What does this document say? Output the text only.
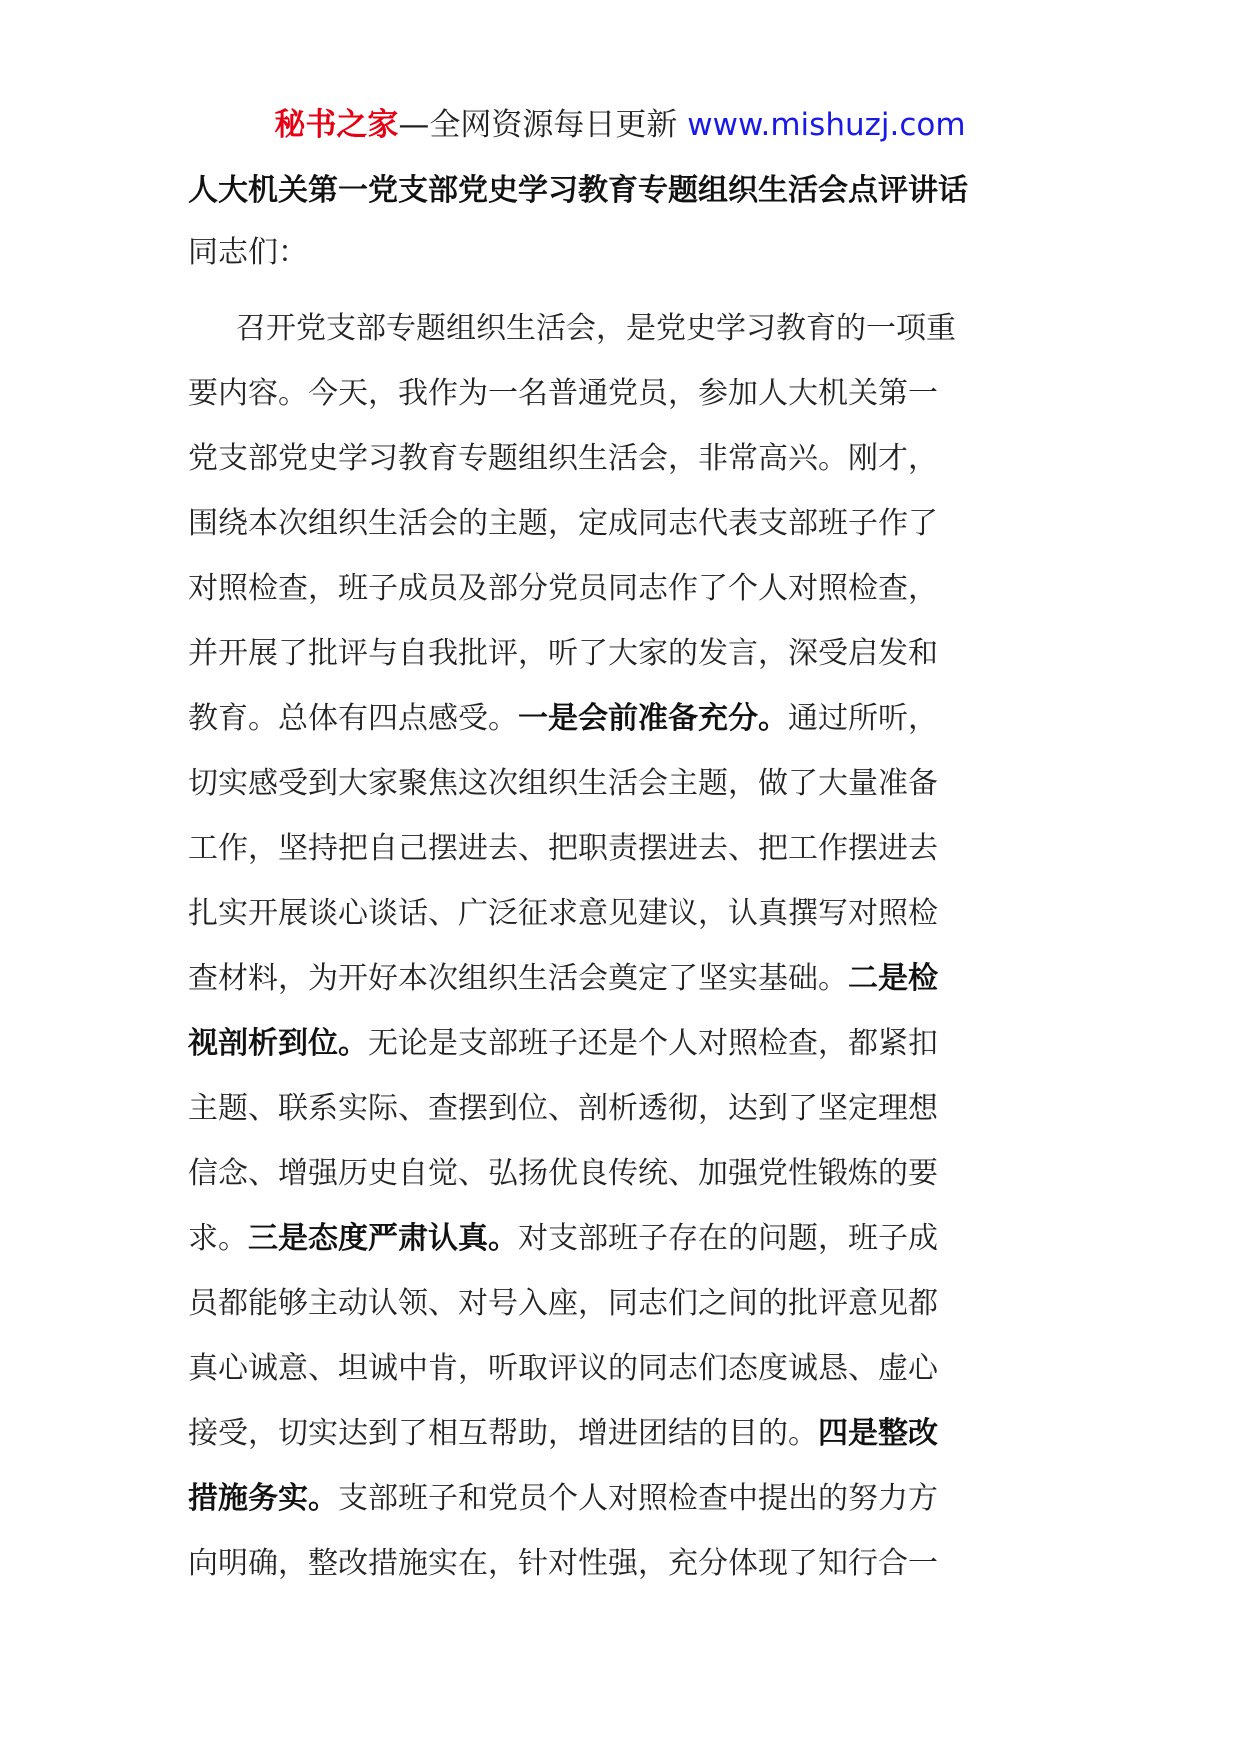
秘书之家—全网资源每日更新 www.mishuzj.com
人大机关第一党支部党史学习教育专题组织生活会点评讲话
同志们：
召开党支部专题组织生活会，是党史学习教育的一项重
要内容。今天，我作为一名普通党员，参加人大机关第一
党支部党史学习教育专题组织生活会，非常高兴。刚才，
围绕本次组织生活会的主题，定成同志代表支部班子作了
对照检查，班子成员及部分党员同志作了个人对照检查，
并开展了批评与自我批评，听了大家的发言，深受启发和
教育。总体有四点感受。 一是会前准备充分。 通过所听，
切实感受到大家聚焦这次组织生活会主题，做了大量准备
工作，坚持把自己摆进去、把职责摆进去、把工作摆进去
扎实开展谈心谈话、广泛征求意见建议，认真撰写对照检
查材料，为开好本次组织生活会奠定了坚实基础。 二是检
视剖析到位。 无论是支部班子还是个人对照检查，都紧扣
主题、联系实际、查摆到位、剖析透彻，达到了坚定理想
信念、增强历史自觉、弘扬优良传统、加强党性锻炼的要
求。 三是态度严肃认真。 对支部班子存在的问题，班子成
员都能够主动认领、对号入座，同志们之间的批评意见都
真心诚意、坦诚中肯，听取评议的同志们态度诚恳、虚心
接受，切实达到了相互帮助，增进团结的目的。 四是整改
措施务实。 支部班子和党员个人对照检查中提出的努力方
向明确，整改措施实在，针对性强，充分体现了知行合一
